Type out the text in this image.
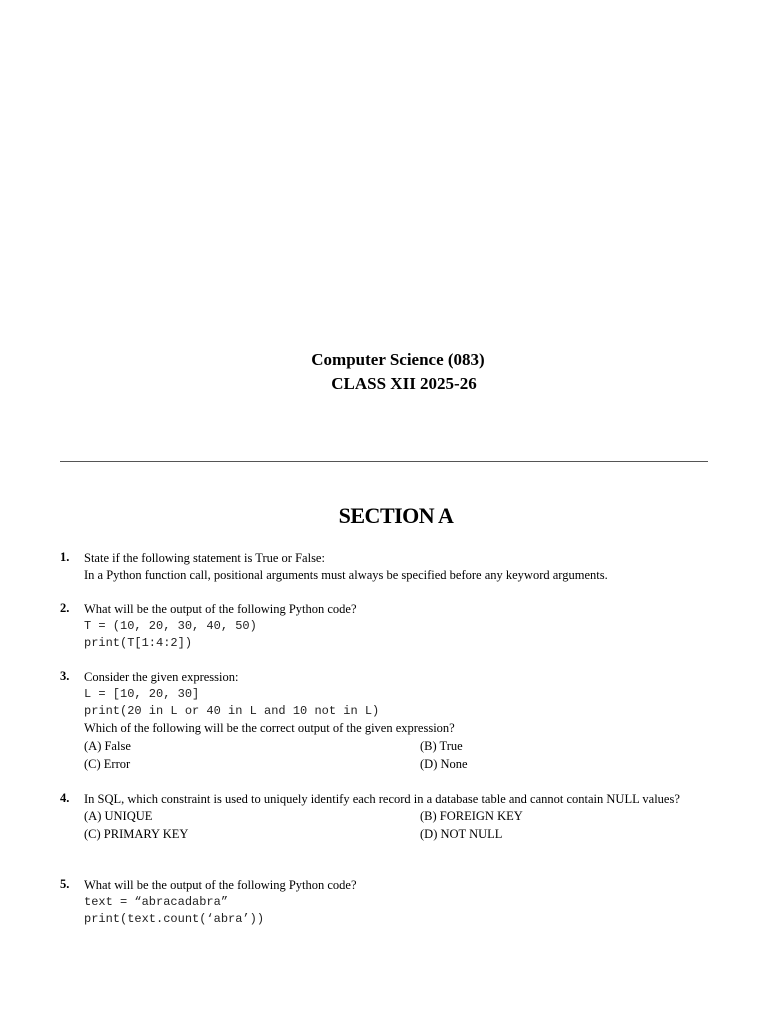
Computer Science (083)
CLASS XII 2025-26
SECTION A
1. State if the following statement is True or False:
In a Python function call, positional arguments must always be specified before any keyword arguments.
2. What will be the output of the following Python code?
T = (10, 20, 30, 40, 50)
print(T[1:4:2])
3. Consider the given expression:
L = [10, 20, 30]
print(20 in L or 40 in L and 10 not in L)
Which of the following will be the correct output of the given expression?
(A) False	(B) True
(C) Error	(D) None
4. In SQL, which constraint is used to uniquely identify each record in a database table and cannot contain NULL values?
(A) UNIQUE	(B) FOREIGN KEY
(C) PRIMARY KEY	(D) NOT NULL
5. What will be the output of the following Python code?
text = “abracadabra”
print(text.count(‘abra’))
